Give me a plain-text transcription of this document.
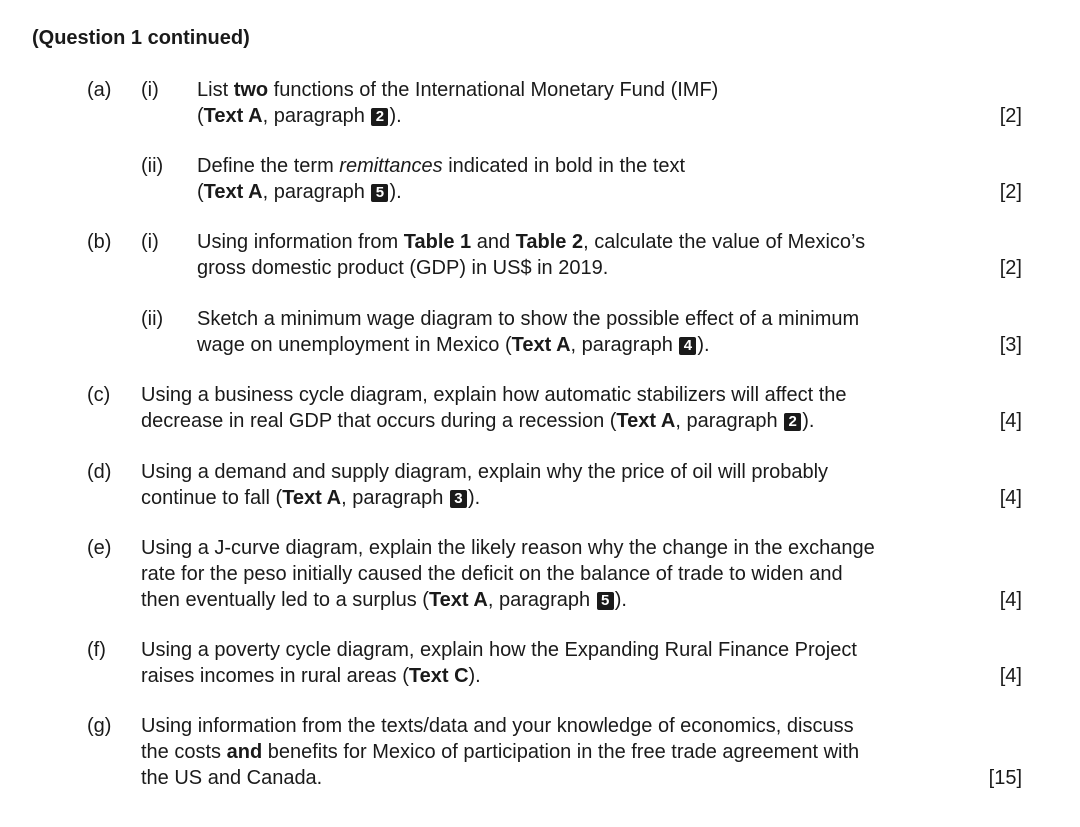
(Question 1 continued)
(a) (i) List two functions of the International Monetary Fund (IMF)
(Text A, paragraph 2 ).	[2]
(ii) Define the term remittances indicated in bold in the text
(Text A, paragraph 5 ).	[2]
(b) (i) Using information from Table 1 and Table 2, calculate the value of Mexico’s
gross domestic product (GDP) in US$ in 2019.	[2]
(ii) Sketch a minimum wage diagram to show the possible effect of a minimum
wage on unemployment in Mexico (Text A, paragraph 4 ).	[3]
(c) Using a business cycle diagram, explain how automatic stabilizers will affect the
decrease in real GDP that occurs during a recession (Text A, paragraph 2 ).	[4]
(d) Using a demand and supply diagram, explain why the price of oil will probably
continue to fall (Text A, paragraph 3 ).	[4]
(e) Using a J-curve diagram, explain the likely reason why the change in the exchange
rate for the peso initially caused the deficit on the balance of trade to widen and
then eventually led to a surplus (Text A, paragraph 5 ).	[4]
(f) Using a poverty cycle diagram, explain how the Expanding Rural Finance Project
raises incomes in rural areas (Text C).	[4]
(g) Using information from the texts/data and your knowledge of economics, discuss
the costs and benefits for Mexico of participation in the free trade agreement with
the US and Canada.	[15]
